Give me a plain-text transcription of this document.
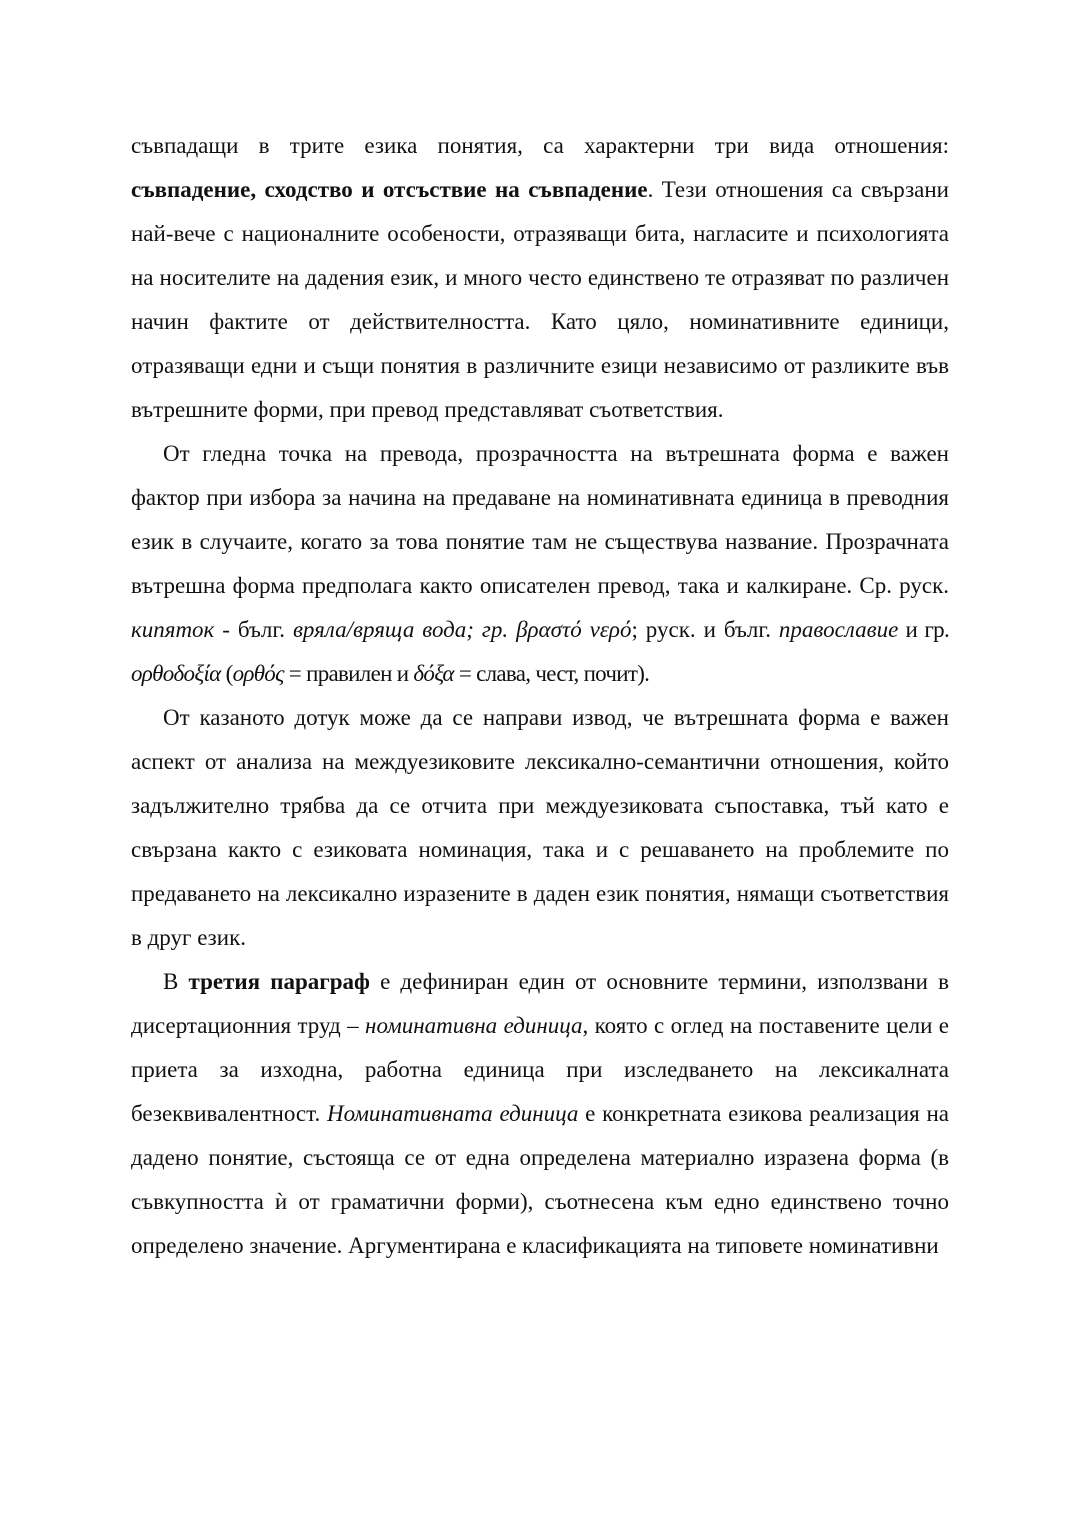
съвпадащи в трите езика понятия, са характерни три вида отношения: съвпадение, сходство и отсъствие на съвпадение. Тези отношения са свързани най-вече с националните особености, отразяващи бита, нагласите и психологията на носителите на дадения език, и много често единствено те отразяват по различен начин фактите от действителността. Като цяло, номинативните единици, отразяващи едни и същи понятия в различните езици независимо от разликите във вътрешните форми, при превод представляват съответствия.

От гледна точка на превода, прозрачността на вътрешната форма е важен фактор при избора за начина на предаване на номинативната единица в преводния език в случаите, когато за това понятие там не съществува название. Прозрачната вътрешна форма предполага както описателен превод, така и калкиране. Ср. руск. кипяток - бълг. вряла/вряща вода; гр. βραστό νερό; руск. и бълг. православие и гр. ορθοδοξία (ορθός = правилен и δόξα = слава, чест, почит).

От казаното дотук може да се направи извод, че вътрешната форма е важен аспект от анализа на междуезиковите лексикално-семантични отношения, който задължително трябва да се отчита при междуезиковата съпоставка, тъй като е свързана както с езиковата номинация, така и с решаването на проблемите по предаването на лексикално изразените в даден език понятия, нямащи съответствия в друг език.

В третия параграф е дефиниран един от основните термини, използвани в дисертационния труд – номинативна единица, която с оглед на поставените цели е приета за изходна, работна единица при изследването на лексикалната безеквивалентност. Номинативната единица е конкретната езикова реализация на дадено понятие, състояща се от една определена материално изразена форма (в съвкупността ѝ от граматични форми), съотнесена към едно единствено точно определено значение. Аргументирана е класификацията на типовете номинативни
